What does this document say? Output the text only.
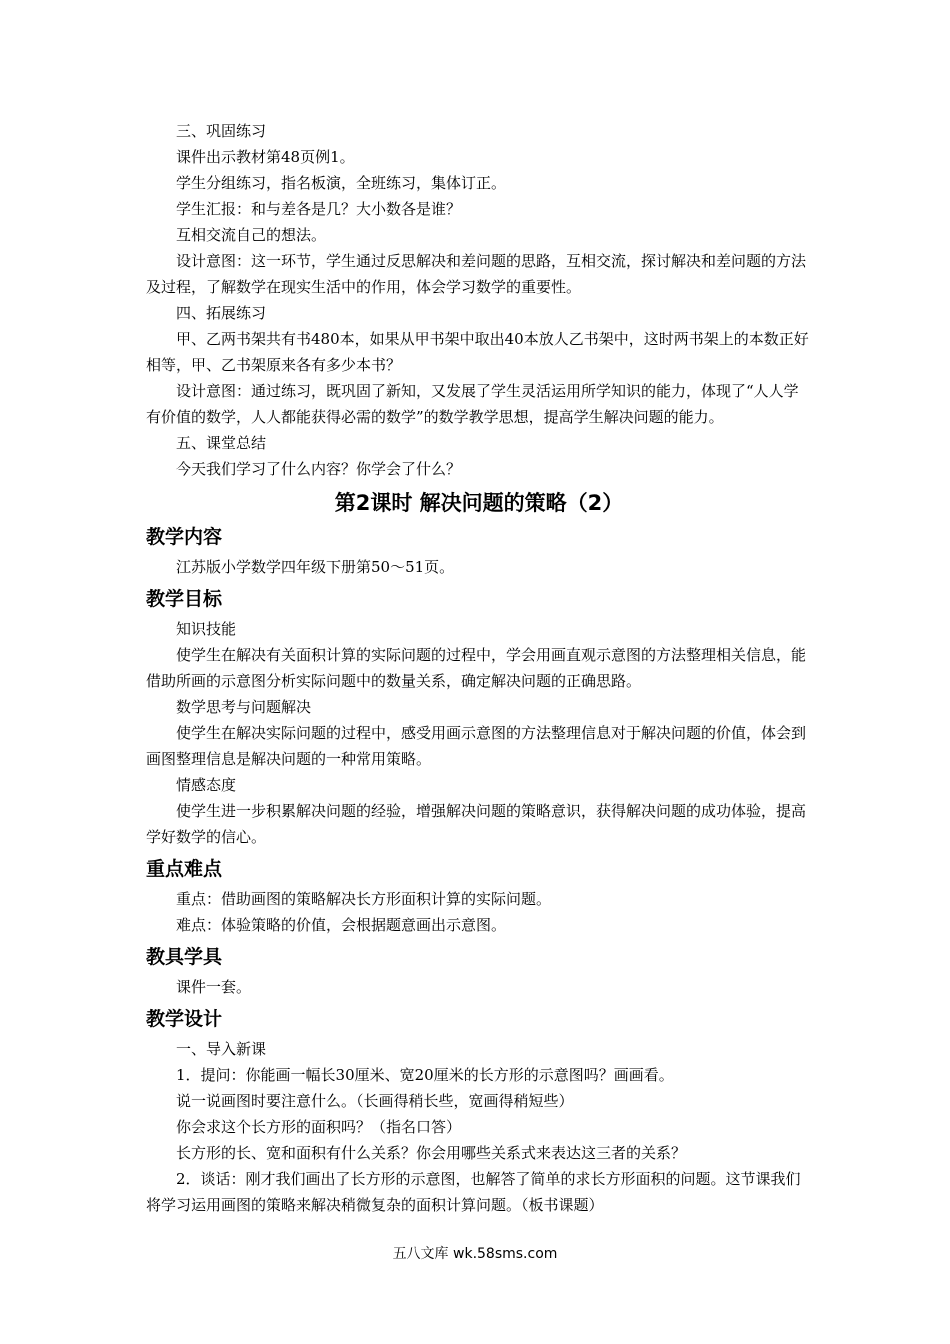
三、巩固练习

课件出示教材第48页例1。

学生分组练习，指名板演，全班练习，集体订正。

学生汇报：和与差各是几？大小数各是谁？

互相交流自己的想法。

设计意图：这一环节，学生通过反思解决和差问题的思路，互相交流，探讨解决和差问题的方法及过程，了解数学在现实生活中的作用，体会学习数学的重要性。

四、拓展练习

甲、乙两书架共有书480本，如果从甲书架中取出40本放人乙书架中，这时两书架上的本数正好相等，甲、乙书架原来各有多少本书？

设计意图：通过练习，既巩固了新知，又发展了学生灵活运用所学知识的能力，体现了“人人学有价值的数学，人人都能获得必需的数学”的数学教学思想，提高学生解决问题的能力。

五、课堂总结

今天我们学习了什么内容？你学会了什么？

第2课时 解决问题的策略（2）
教学内容

江苏版小学数学四年级下册第50～51页。

教学目标

知识技能

使学生在解决有关面积计算的实际问题的过程中，学会用画直观示意图的方法整理相关信息，能借助所画的示意图分析实际问题中的数量关系，确定解决问题的正确思路。

数学思考与问题解决

使学生在解决实际问题的过程中，感受用画示意图的方法整理信息对于解决问题的价值，体会到画图整理信息是解决问题的一种常用策略。

情感态度

使学生进一步积累解决问题的经验，增强解决问题的策略意识，获得解决问题的成功体验，提高学好数学的信心。

重点难点

重点：借助画图的策略解决长方形面积计算的实际问题。

难点：体验策略的价值，会根据题意画出示意图。

教具学具

课件一套。

教学设计

一、导入新课

1．提问：你能画一幅长30厘米、宽20厘米的长方形的示意图吗？画画看。

说一说画图时要注意什么。（长画得稍长些，宽画得稍短些）

你会求这个长方形的面积吗？（指名口答）

长方形的长、宽和面积有什么关系？你会用哪些关系式来表达这三者的关系？

2．谈话：刚才我们画出了长方形的示意图，也解答了简单的求长方形面积的问题。这节课我们将学习运用画图的策略来解决稍微复杂的面积计算问题。（板书课题）

五八文库 wk.58sms.com
